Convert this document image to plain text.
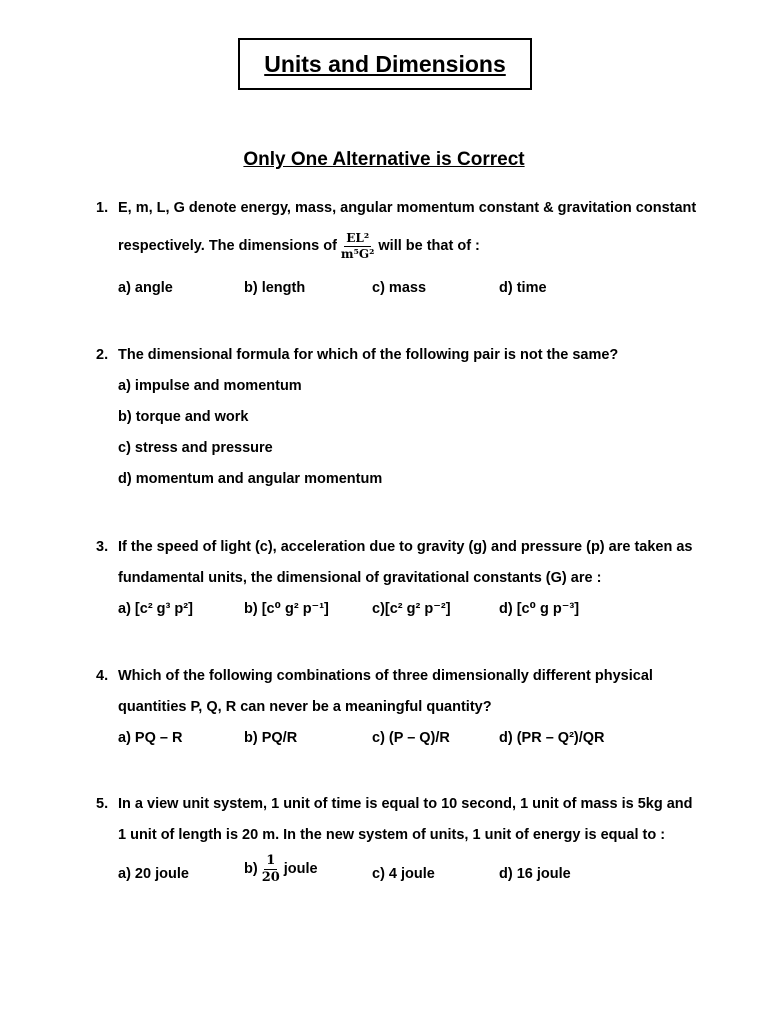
Units and Dimensions
Only One Alternative is Correct
1. E, m, L, G denote energy, mass, angular momentum constant & gravitation constant
respectively. The dimensions of $\frac{\text{EL²}}{\text{m⁵G²}}$ will be that of :
a) angle	b) length	c) mass	d) time
2. The dimensional formula for which of the following pair is not the same?
a) impulse and momentum
b) torque and work
c) stress and pressure
d) momentum and angular momentum
3. If the speed of light (c), acceleration due to gravity (g) and pressure (p) are taken as
fundamental units, the dimensional of gravitational constants (G) are :
a) [c² g³ p²]	b) [c⁰ g² p⁻¹]	c)[c² g² p⁻²]	d) [c⁰ g p⁻³]
4. Which of the following combinations of three dimensionally different physical
quantities P, Q, R can never be a meaningful quantity?
a) PQ – R	b) PQ/R	c) (P – Q)/R	d) (PR – Q²)/QR
5. In a view unit system, 1 unit of time is equal to 10 second, 1 unit of mass is 5kg and
1 unit of length is 20 m. In the new system of units, 1 unit of energy is equal to :
a) 20 joule	$b) \frac{1}{20}$ joule	c) 4 joule	d) 16 joule
